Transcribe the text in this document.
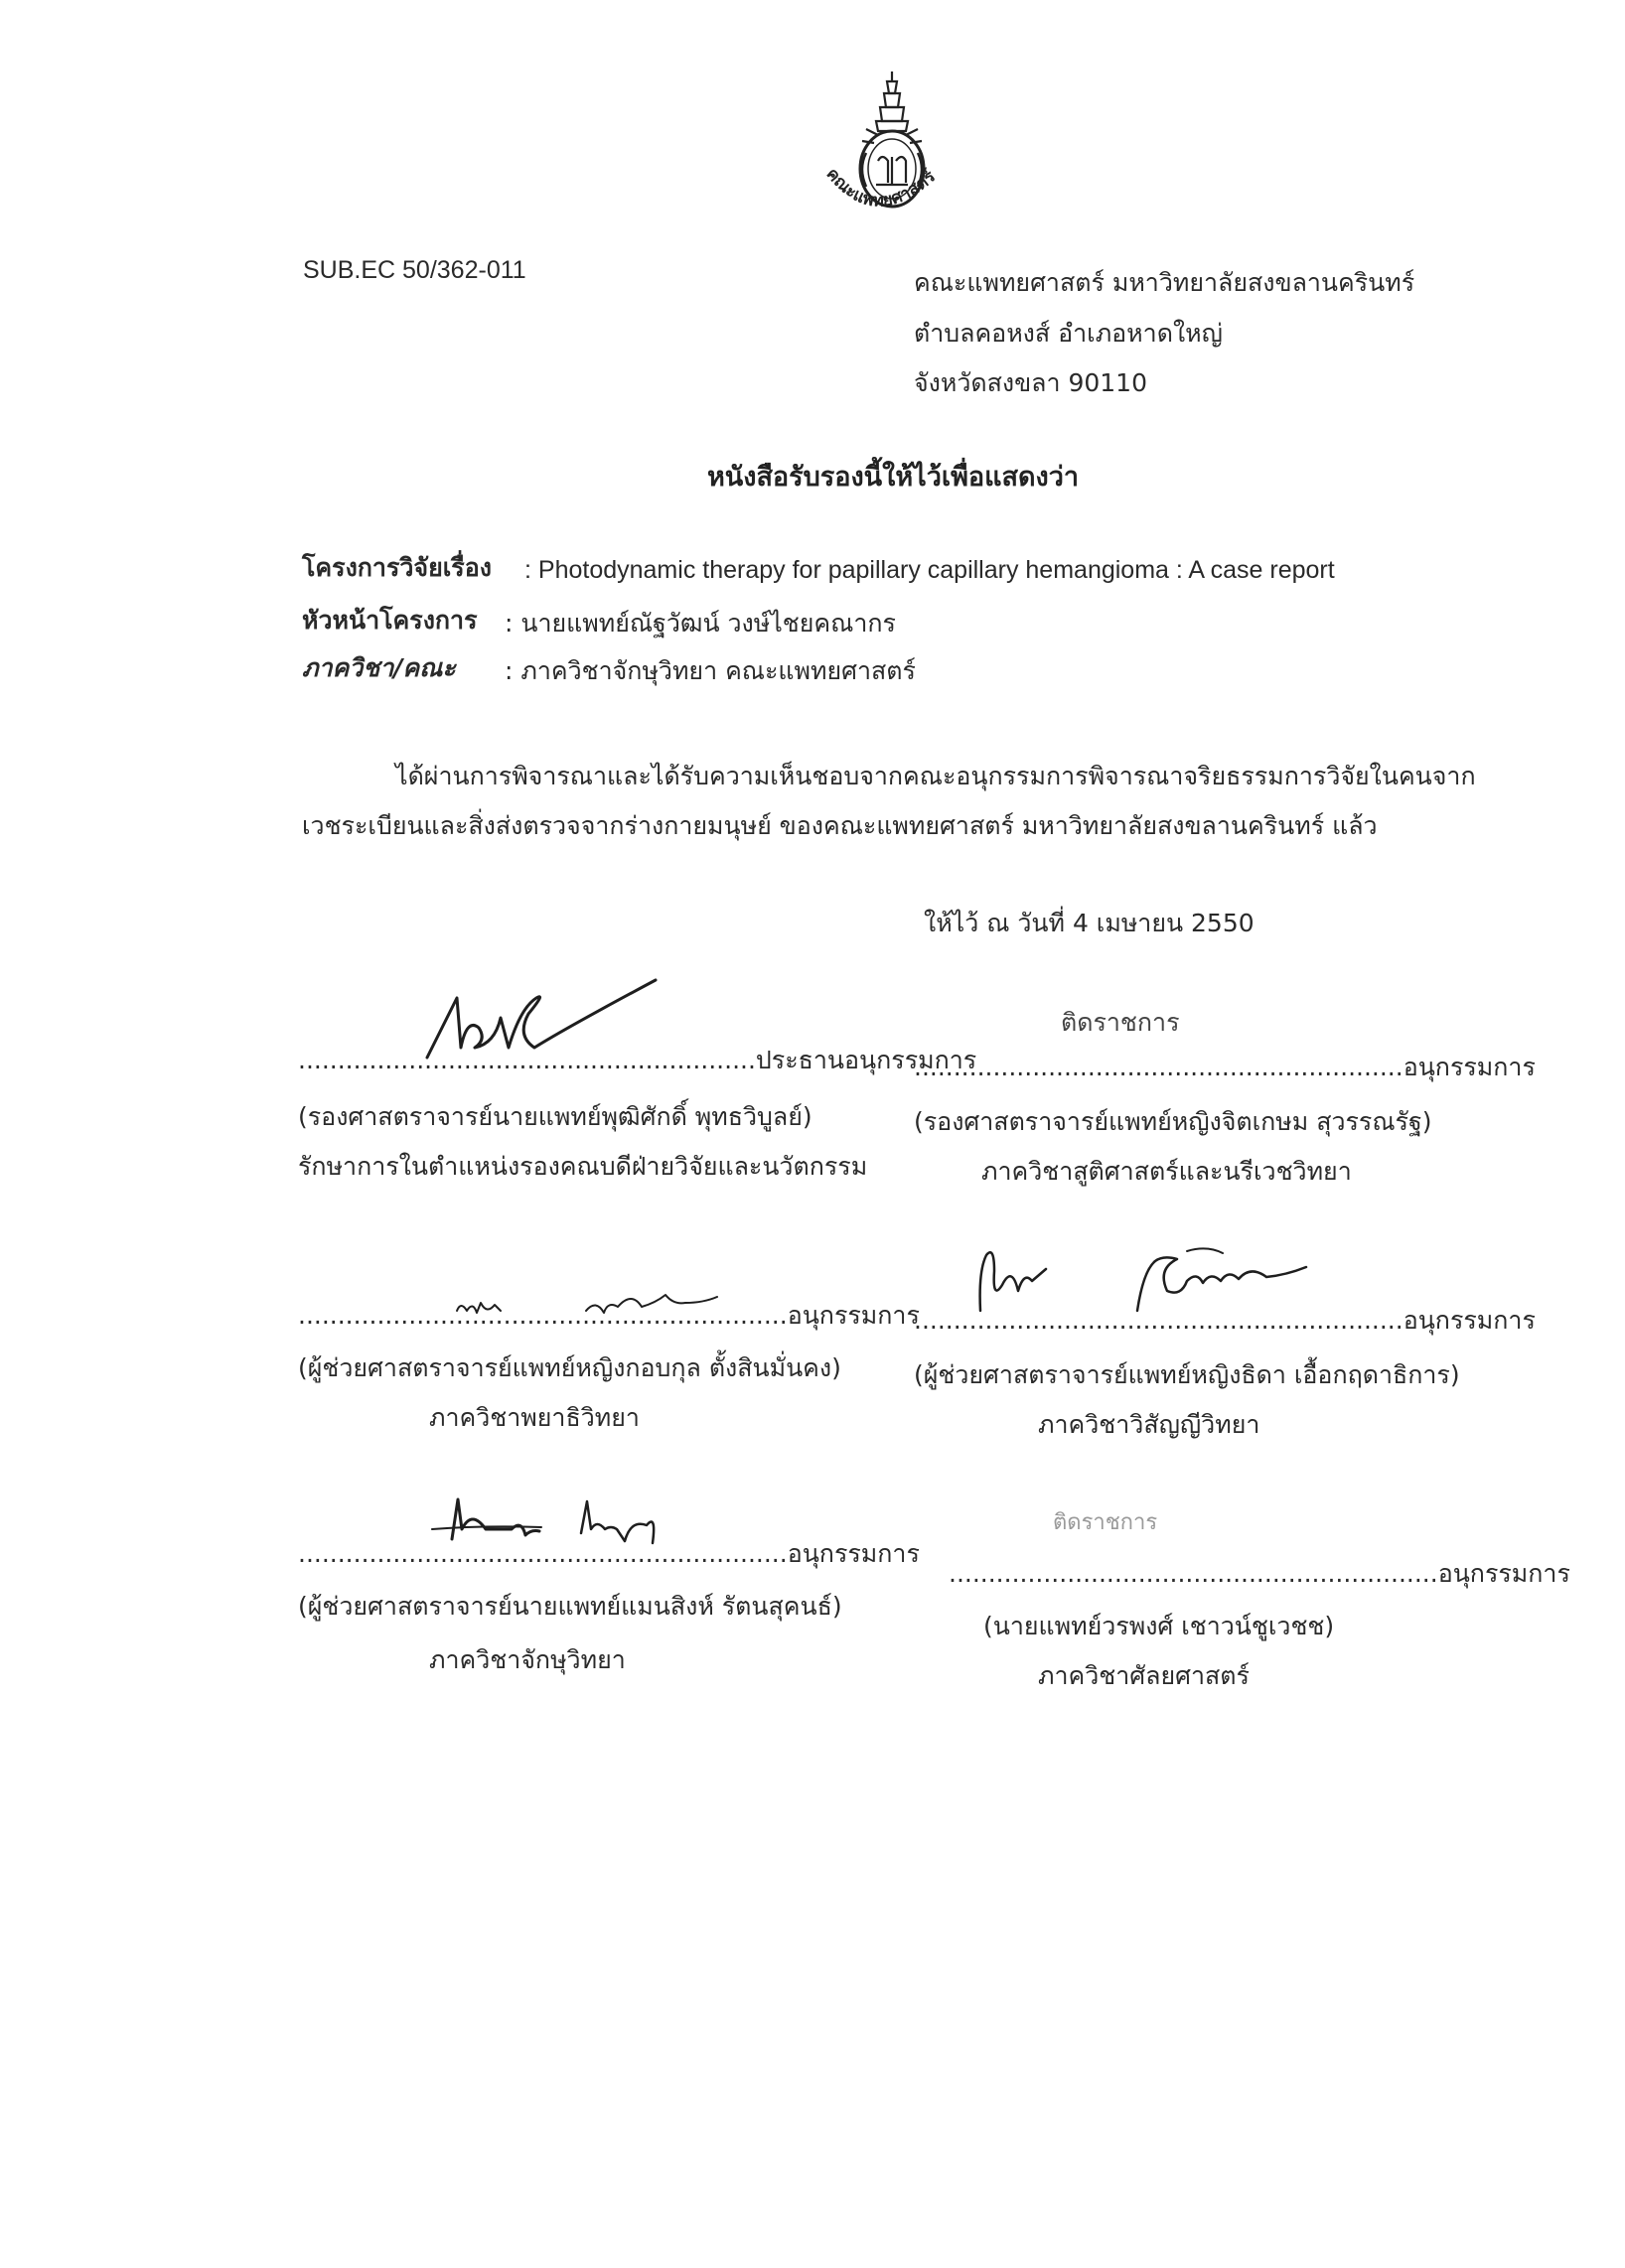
คณะแพทยศาสตร์
SUB.EC 50/362-011	คณะแพทยศาสตร์ มหาวิทยาลัยสงขลานครินทร์
ตำบลคอหงส์ อำเภอหาดใหญ่
จังหวัดสงขลา 90110
หนังสือรับรองนี้ให้ไว้เพื่อแสดงว่า
โครงการวิจัยเรื่อง : Photodynamic therapy for papillary capillary hemangioma : A case report
หัวหน้าโครงการ : นายแพทย์ณัฐวัฒน์ วงษ์ไชยคณากร
ภาควิชา/คณะ : ภาควิชาจักษุวิทยา คณะแพทยศาสตร์
ได้ผ่านการพิจารณาและได้รับความเห็นชอบจากคณะอนุกรรมการพิจารณาจริยธรรมการวิจัยในคนจาก
เวชระเบียนและสิ่งส่งตรวจจากร่างกายมนุษย์ ของคณะแพทยศาสตร์ มหาวิทยาลัยสงขลานครินทร์ แล้ว
ให้ไว้ ณ วันที่ 4 เมษายน 2550
..........................................................ประธานอนุกรรมการ
(รองศาสตราจารย์นายแพทย์พุฒิศักดิ์ พุทธวิบูลย์)
รักษาการในตำแหน่งรองคณบดีฝ่ายวิจัยและนวัตกรรม
ติดราชการ
..............................................................อนุกรรมการ
(รองศาสตราจารย์แพทย์หญิงจิตเกษม สุวรรณรัฐ)
ภาควิชาสูติศาสตร์และนรีเวชวิทยา
..............................................................อนุกรรมการ
(ผู้ช่วยศาสตราจารย์แพทย์หญิงกอบกุล ตั้งสินมั่นคง)
ภาควิชาพยาธิวิทยา
..............................................................อนุกรรมการ
(ผู้ช่วยศาสตราจารย์แพทย์หญิงธิดา เอื้อกฤดาธิการ)
ภาควิชาวิสัญญีวิทยา
..............................................................อนุกรรมการ
(ผู้ช่วยศาสตราจารย์นายแพทย์แมนสิงห์ รัตนสุคนธ์)
ภาควิชาจักษุวิทยา
ติดราชการ
..............................................................อนุกรรมการ
(นายแพทย์วรพงศ์ เชาวน์ชูเวชช)
ภาควิชาศัลยศาสตร์
